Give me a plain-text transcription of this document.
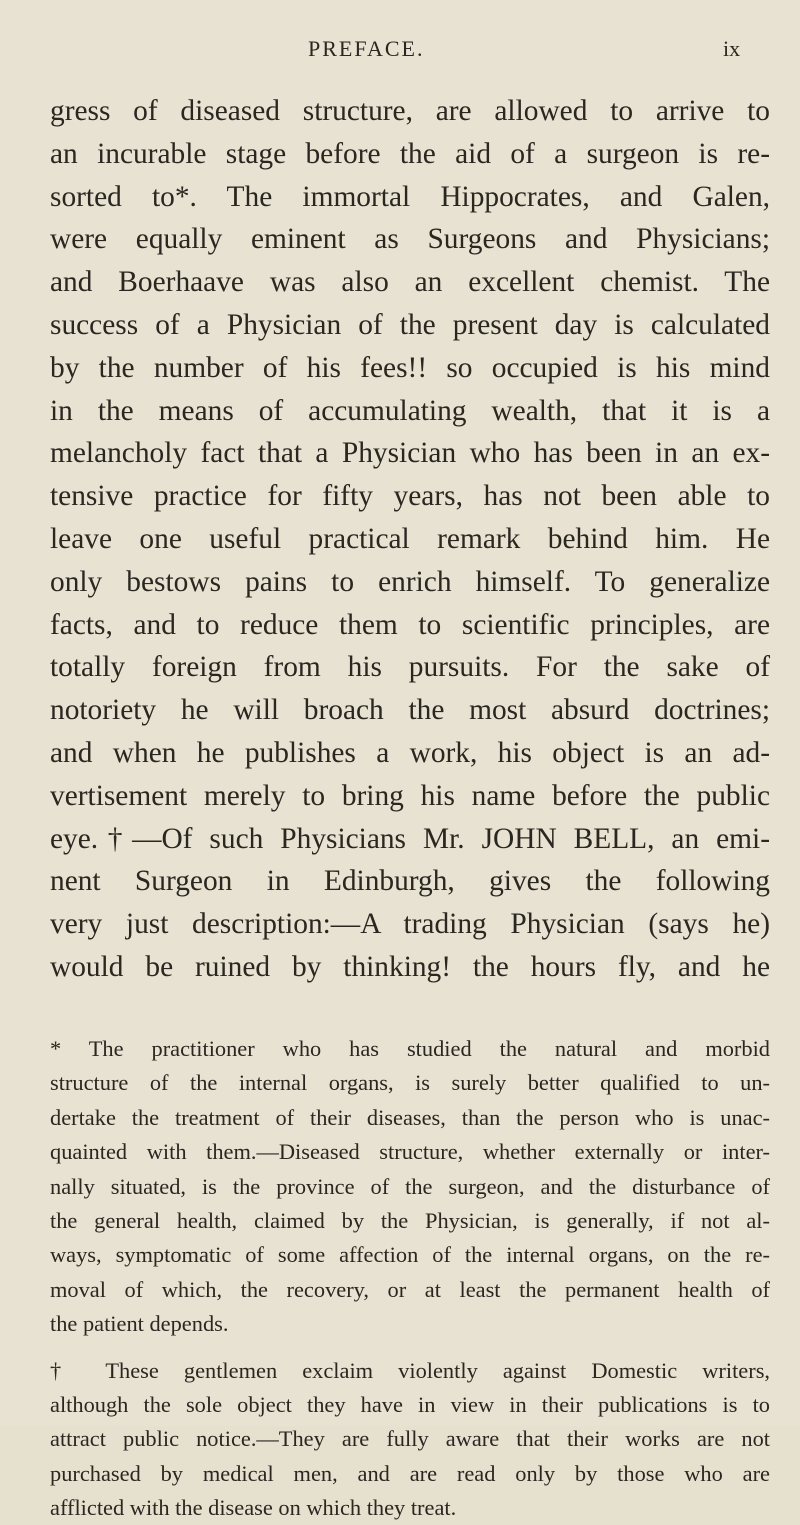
PREFACE.	ix
gress of diseased structure, are allowed to arrive to
an incurable stage before the aid of a surgeon is re-
sorted to*. The immortal Hippocrates, and Galen,
were equally eminent as Surgeons and Physicians;
and Boerhaave was also an excellent chemist. The
success of a Physician of the present day is calculated
by the number of his fees!! so occupied is his mind
in the means of accumulating wealth, that it is a
melancholy fact that a Physician who has been in an ex-
tensive practice for fifty years, has not been able to
leave one useful practical remark behind him. He
only bestows pains to enrich himself. To generalize
facts, and to reduce them to scientific principles, are
totally foreign from his pursuits. For the sake of
notoriety he will broach the most absurd doctrines;
and when he publishes a work, his object is an ad-
vertisement merely to bring his name before the public
eye.†—Of such Physicians Mr. JOHN BELL, an emi-
nent Surgeon in Edinburgh, gives the following
very just description:—A trading Physician (says he)
would be ruined by thinking! the hours fly, and he
* The practitioner who has studied the natural and morbid
structure of the internal organs, is surely better qualified to un-
dertake the treatment of their diseases, than the person who is unac-
quainted with them.—Diseased structure, whether externally or inter-
nally situated, is the province of the surgeon, and the disturbance of
the general health, claimed by the Physician, is generally, if not al-
ways, symptomatic of some affection of the internal organs, on the re-
moval of which, the recovery, or at least the permanent health of
the patient depends.
† These gentlemen exclaim violently against Domestic writers,
although the sole object they have in view in their publications is to
attract public notice.—They are fully aware that their works are not
purchased by medical men, and are read only by those who are
afflicted with the disease on which they treat.
